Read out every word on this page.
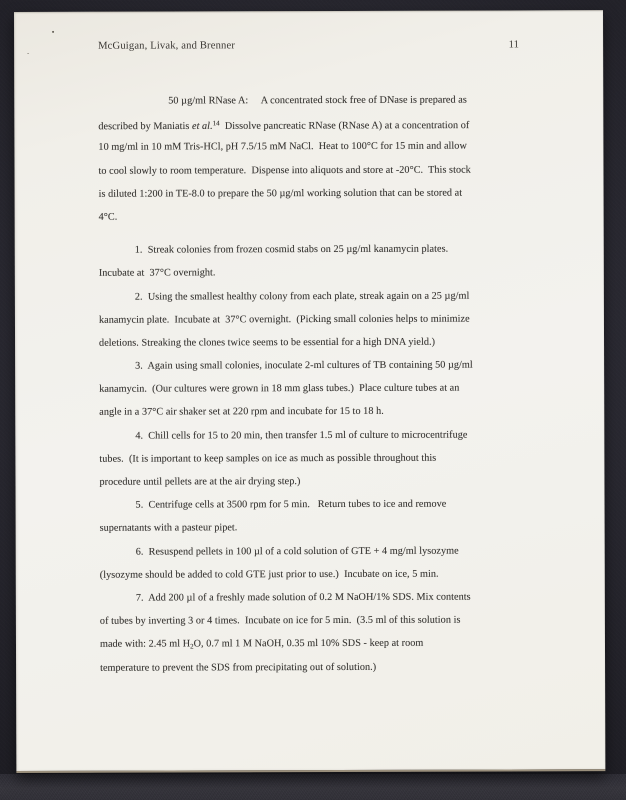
McGuigan, Livak, and Brenner	11
50 µg/ml RNase A:     A concentrated stock free of DNase is prepared as
described by Maniatis et al.$^{14}$  Dissolve pancreatic RNase (RNase A) at a concentration of
10 mg/ml in 10 mM Tris-HCl, pH 7.5/15 mM NaCl.  Heat to 100°C for 15 min and allow
to cool slowly to room temperature.  Dispense into aliquots and store at -20°C.  This stock
is diluted 1:200 in TE-8.0 to prepare the 50 µg/ml working solution that can be stored at
4°C.
1.  Streak colonies from frozen cosmid stabs on 25 µg/ml kanamycin plates.
Incubate at  37°C overnight.
2.  Using the smallest healthy colony from each plate, streak again on a 25 µg/ml
kanamycin plate.  Incubate at  37°C overnight.  (Picking small colonies helps to minimize
deletions. Streaking the clones twice seems to be essential for a high DNA yield.)
3.  Again using small colonies, inoculate 2-ml cultures of TB containing 50 µg/ml
kanamycin.  (Our cultures were grown in 18 mm glass tubes.)  Place culture tubes at an
angle in a 37°C air shaker set at 220 rpm and incubate for 15 to 18 h.
4.  Chill cells for 15 to 20 min, then transfer 1.5 ml of culture to microcentrifuge
tubes.  (It is important to keep samples on ice as much as possible throughout this
procedure until pellets are at the air drying step.)
5.  Centrifuge cells at 3500 rpm for 5 min.   Return tubes to ice and remove
supernatants with a pasteur pipet.
6.  Resuspend pellets in 100 µl of a cold solution of GTE + 4 mg/ml lysozyme
(lysozyme should be added to cold GTE just prior to use.)  Incubate on ice, 5 min.
7.  Add 200 µl of a freshly made solution of 0.2 M NaOH/1% SDS. Mix contents
of tubes by inverting 3 or 4 times.  Incubate on ice for 5 min.  (3.5 ml of this solution is
made with: 2.45 ml $H_2O$, 0.7 ml 1 M NaOH, 0.35 ml 10% SDS - keep at room
temperature to prevent the SDS from precipitating out of solution.)
